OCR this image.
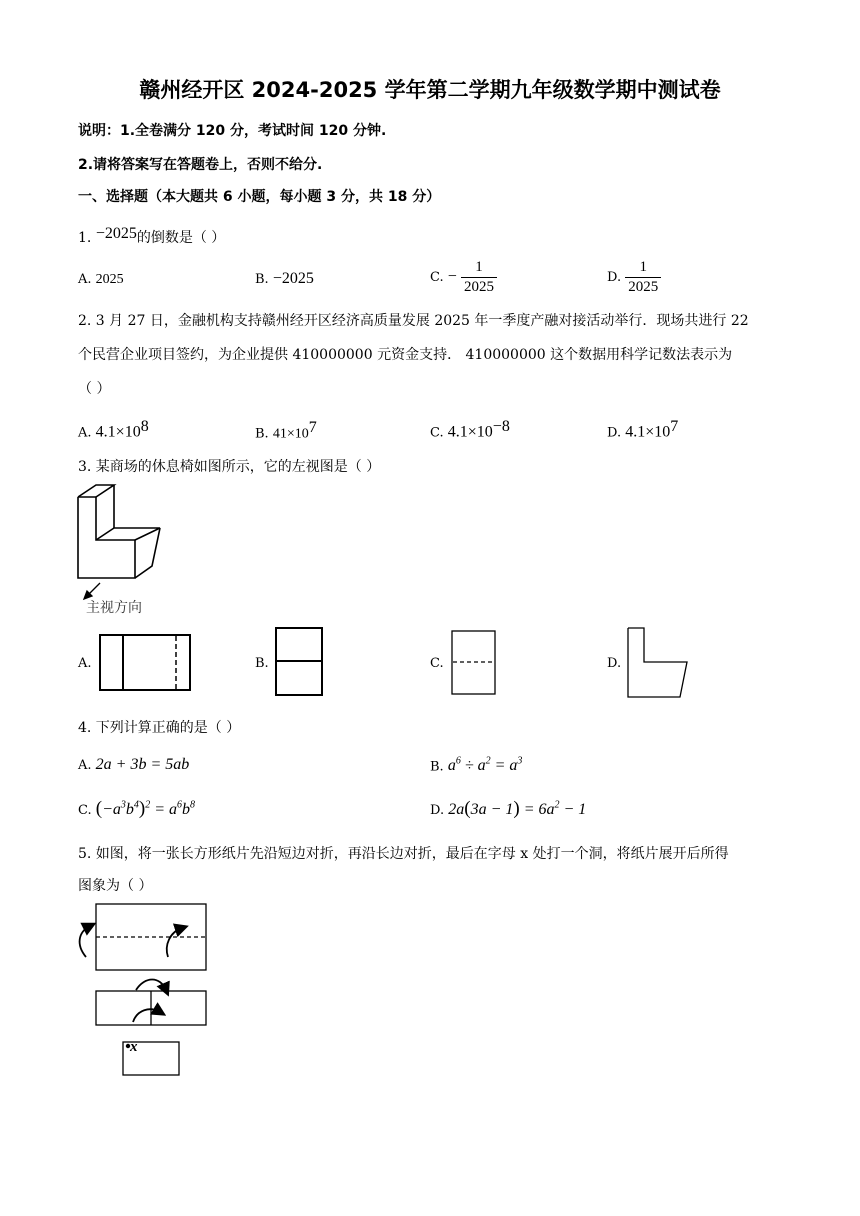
赣州经开区 2024-2025 学年第二学期九年级数学期中测试卷
说明：1.全卷满分 120 分，考试时间 120 分钟.
2.请将答案写在答题卷上，否则不给分.
一、选择题（本大题共 6 小题，每小题 3 分，共 18 分）
1. −2025的倒数是（ ）
A. 2025	B. −2025	C. − $\frac{1}{2025}$	D. $\frac{1}{2025}$
2. 3 月 27 日，金融机构支持赣州经开区经济高质量发展 2025 年一季度产融对接活动举行．现场共进行 22
个民营企业项目签约，为企业提供 410000000 元资金支持． 410000000 这个数据用科学记数法表示为
（ ）
A. $4.1\times 10^8$	B. $41\times 10^7$	C. $4.1\times 10^{-8}$	D. $4.1\times 10^7$
3. 某商场的休息椅如图所示，它的左视图是（ ）
主视方向
A.	B.	C.	D.
4. 下列计算正确的是（ ）
A. 2a + 3b = 5ab	B. $a^6 \div a^2 = a^3$
C. $(-a^3b^4)^2 = a^6b^8$	D. $2a(3a - 1) = 6a^2 - 1$
5. 如图，将一张长方形纸片先沿短边对折，再沿长边对折，最后在字母 x 处打一个洞，将纸片展开后所得
图象为（ ）
x
